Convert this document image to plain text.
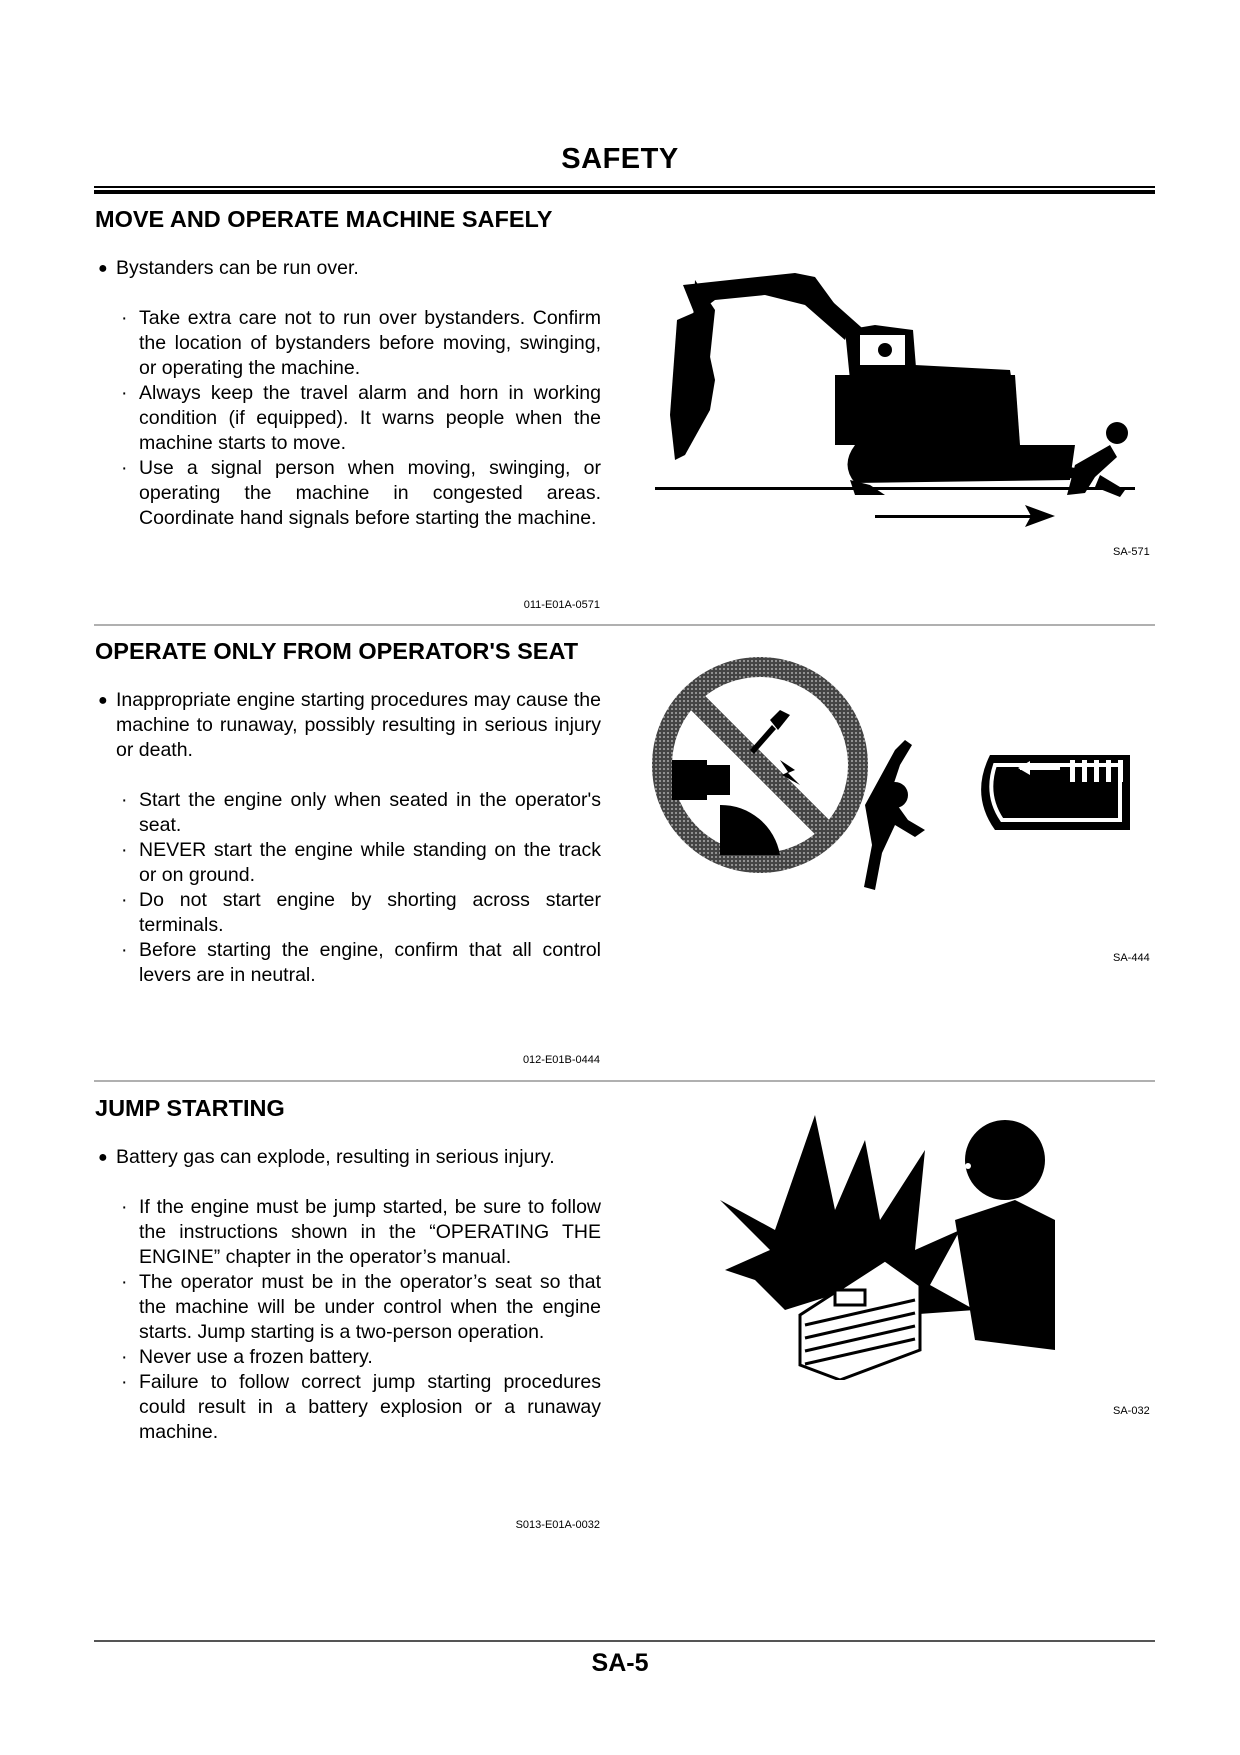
SAFETY
MOVE AND OPERATE MACHINE SAFELY
● Bystanders can be run over.
· Take extra care not to run over bystanders. Confirm the location of bystanders before moving, swinging, or operating the machine.
· Always keep the travel alarm and horn in working condition (if equipped). It warns people when the machine starts to move.
· Use a signal person when moving, swinging, or operating the machine in congested areas. Coordinate hand signals before starting the machine.
011-E01A-0571
SA-571
OPERATE ONLY FROM OPERATOR'S SEAT
● Inappropriate engine starting procedures may cause the machine to runaway, possibly resulting in serious injury or death.
· Start the engine only when seated in the operator's seat.
· NEVER start the engine while standing on the track or on ground.
· Do not start engine by shorting across starter terminals.
· Before starting the engine, confirm that all control levers are in neutral.
012-E01B-0444
SA-444
JUMP STARTING
● Battery gas can explode, resulting in serious injury.
· If the engine must be jump started, be sure to follow the instructions shown in the “OPERATING THE ENGINE” chapter in the operator’s manual.
· The operator must be in the operator’s seat so that the machine will be under control when the engine starts. Jump starting is a two-person operation.
· Never use a frozen battery.
· Failure to follow correct jump starting procedures could result in a battery explosion or a runaway machine.
S013-E01A-0032
SA-032
SA-5
